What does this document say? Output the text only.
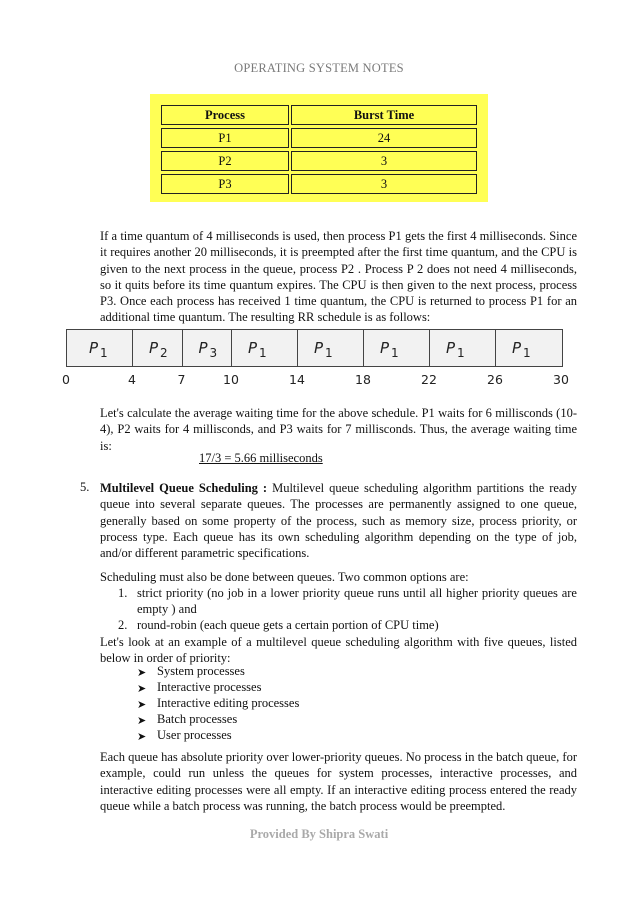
OPERATING SYSTEM NOTES
Process	Burst Time
P1	24
P2	3
P3	3
If a time quantum of 4 milliseconds is used, then process P1 gets the first 4 milliseconds. Since it requires another 20 milliseconds, it is preempted after the first time quantum, and the CPU is given to the next process in the queue, process P2 . Process P 2 does not need 4 milliseconds, so it quits before its time quantum expires. The CPU is then given to the next process, process P3. Once each process has received 1 time quantum, the CPU is returned to process P1 for an additional time quantum. The resulting RR schedule is as follows:
P $_1$	P $_2$ P $_3$ P $_1$	P $_1$	P $_1$	P $_1$	P $_1$
0	4	7	10	14	18	22	26	30
Let's calculate the average waiting time for the above schedule. P1 waits for 6 millisconds (10- 4), P2 waits for 4 millisconds, and P3 waits for 7 millisconds. Thus, the average waiting time is:
17/3 = 5.66 milliseconds
5. Multilevel Queue Scheduling : Multilevel queue scheduling algorithm partitions the ready queue into several separate queues. The processes are permanently assigned to one queue, generally based on some property of the process, such as memory size, process priority, or process type. Each queue has its own scheduling algorithm depending on the type of job, and/or different parametric specifications.
Scheduling must also be done between queues. Two common options are:
1. strict priority (no job in a lower priority queue runs until all higher priority queues are empty ) and
2. round-robin (each queue gets a certain portion of CPU time)
Let's look at an example of a multilevel queue scheduling algorithm with five queues, listed below in order of priority:
➤ System processes
➤ Interactive processes
➤ Interactive editing processes
➤ Batch processes
➤ User processes
Each queue has absolute priority over lower-priority queues. No process in the batch queue, for example, could run unless the queues for system processes, interactive processes, and interactive editing processes were all empty. If an interactive editing process entered the ready queue while a batch process was running, the batch process would be preempted.
Provided By Shipra Swati
